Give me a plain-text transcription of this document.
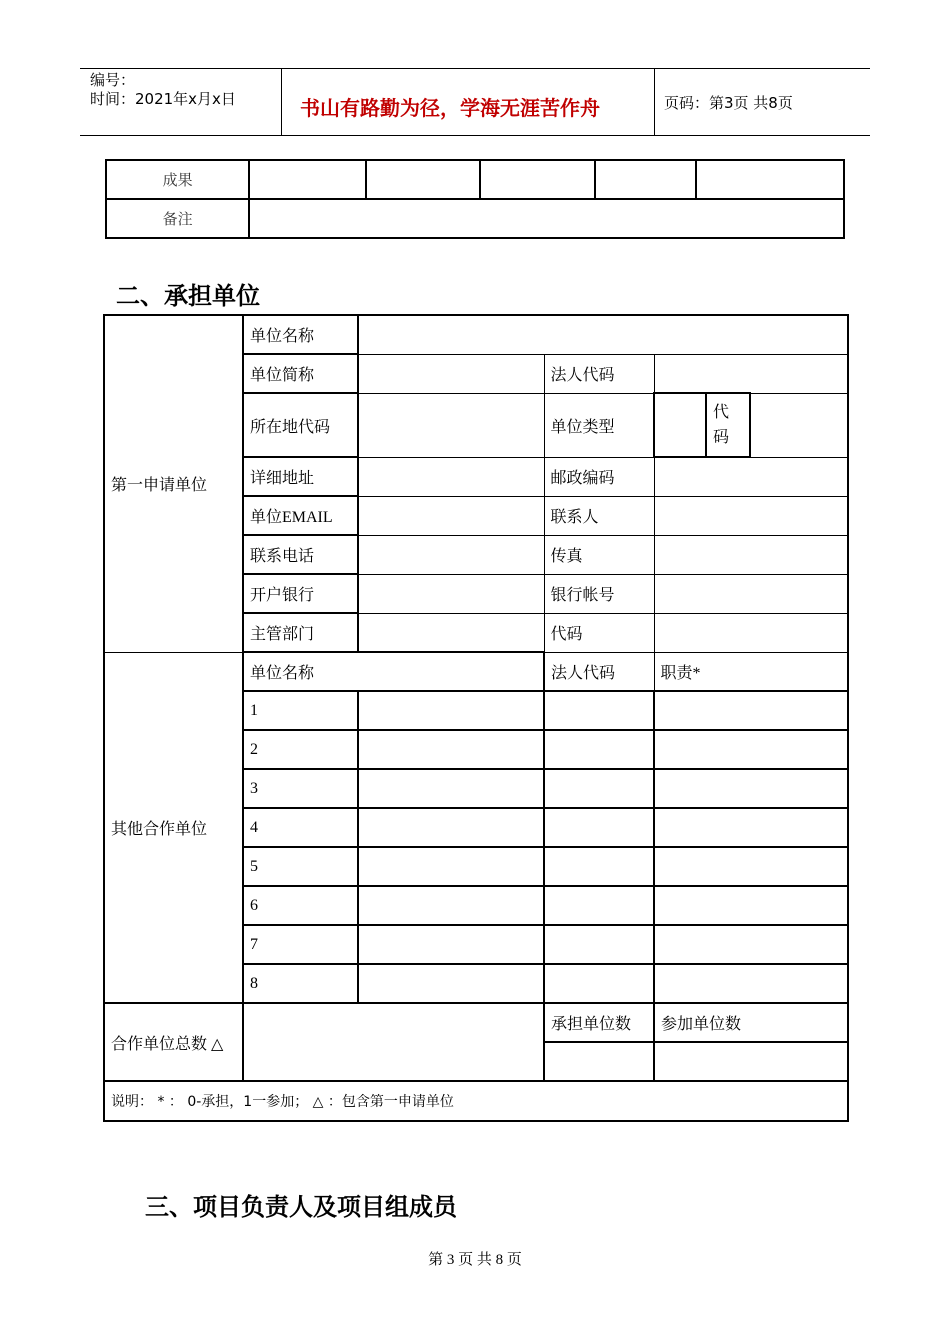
编号：
时间：2021年x月x日	书山有路勤为径，学海无涯苦作舟	页码：第3页 共8页
成果					
备注					
二、承担单位
第一申请单位	单位名称					
	单位简称		法人代码			
	所在地代码		单位类型		代码	

	详细地址		邮政编码			
	单位EMAIL		联系人			
	联系电话		传真			
	开户银行		银行帐号			
	主管部门		代码			
其他合作单位	单位名称		法人代码	职责*		
	1					
	2					
	3					
	4					
	5					
	6					
	7					
	8					
合作单位总数 △			承担单位数	参加单位数		

说明： * ： 0-承担，1一参加； △ ：包含第一申请单位						
三、项目负责人及项目组成员
第 3 页 共 8 页
